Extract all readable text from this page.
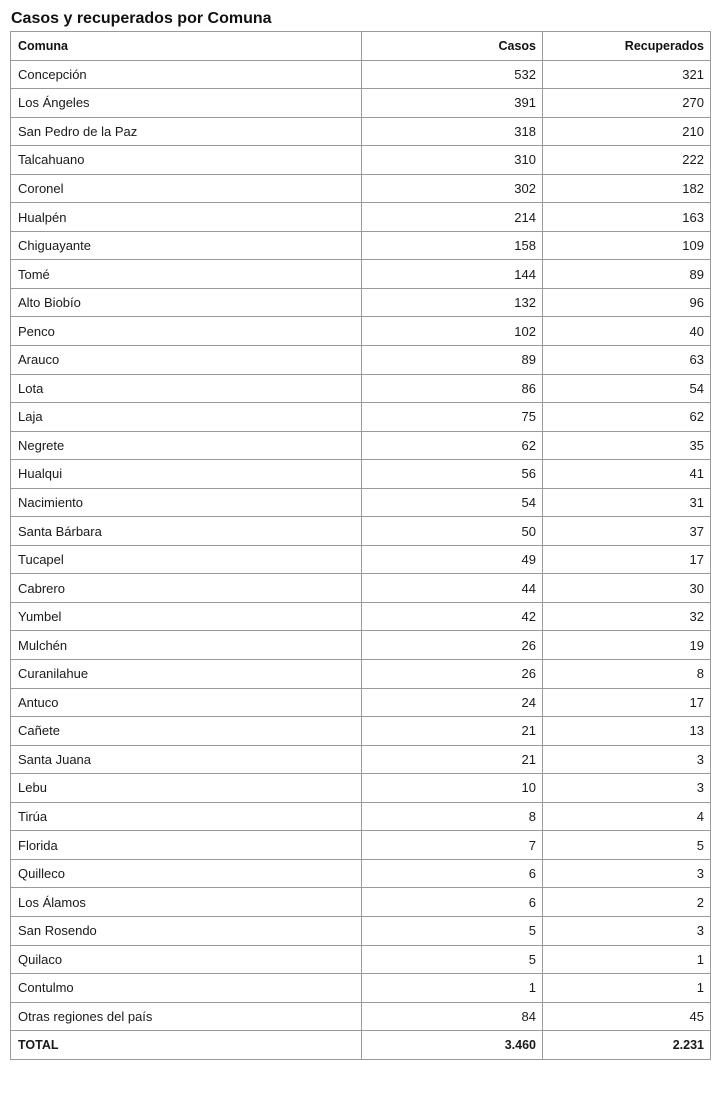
Casos y recuperados por Comuna
Comuna	Casos	Recuperados
Concepción	532	321
Los Ángeles	391	270
San Pedro de la Paz	318	210
Talcahuano	310	222
Coronel	302	182
Hualpén	214	163
Chiguayante	158	109
Tomé	144	89
Alto Biobío	132	96
Penco	102	40
Arauco	89	63
Lota	86	54
Laja	75	62
Negrete	62	35
Hualqui	56	41
Nacimiento	54	31
Santa Bárbara	50	37
Tucapel	49	17
Cabrero	44	30
Yumbel	42	32
Mulchén	26	19
Curanilahue	26	8
Antuco	24	17
Cañete	21	13
Santa Juana	21	3
Lebu	10	3
Tirúa	8	4
Florida	7	5
Quilleco	6	3
Los Álamos	6	2
San Rosendo	5	3
Quilaco	5	1
Contulmo	1	1
Otras regiones del país	84	45
TOTAL	3.460	2.231
